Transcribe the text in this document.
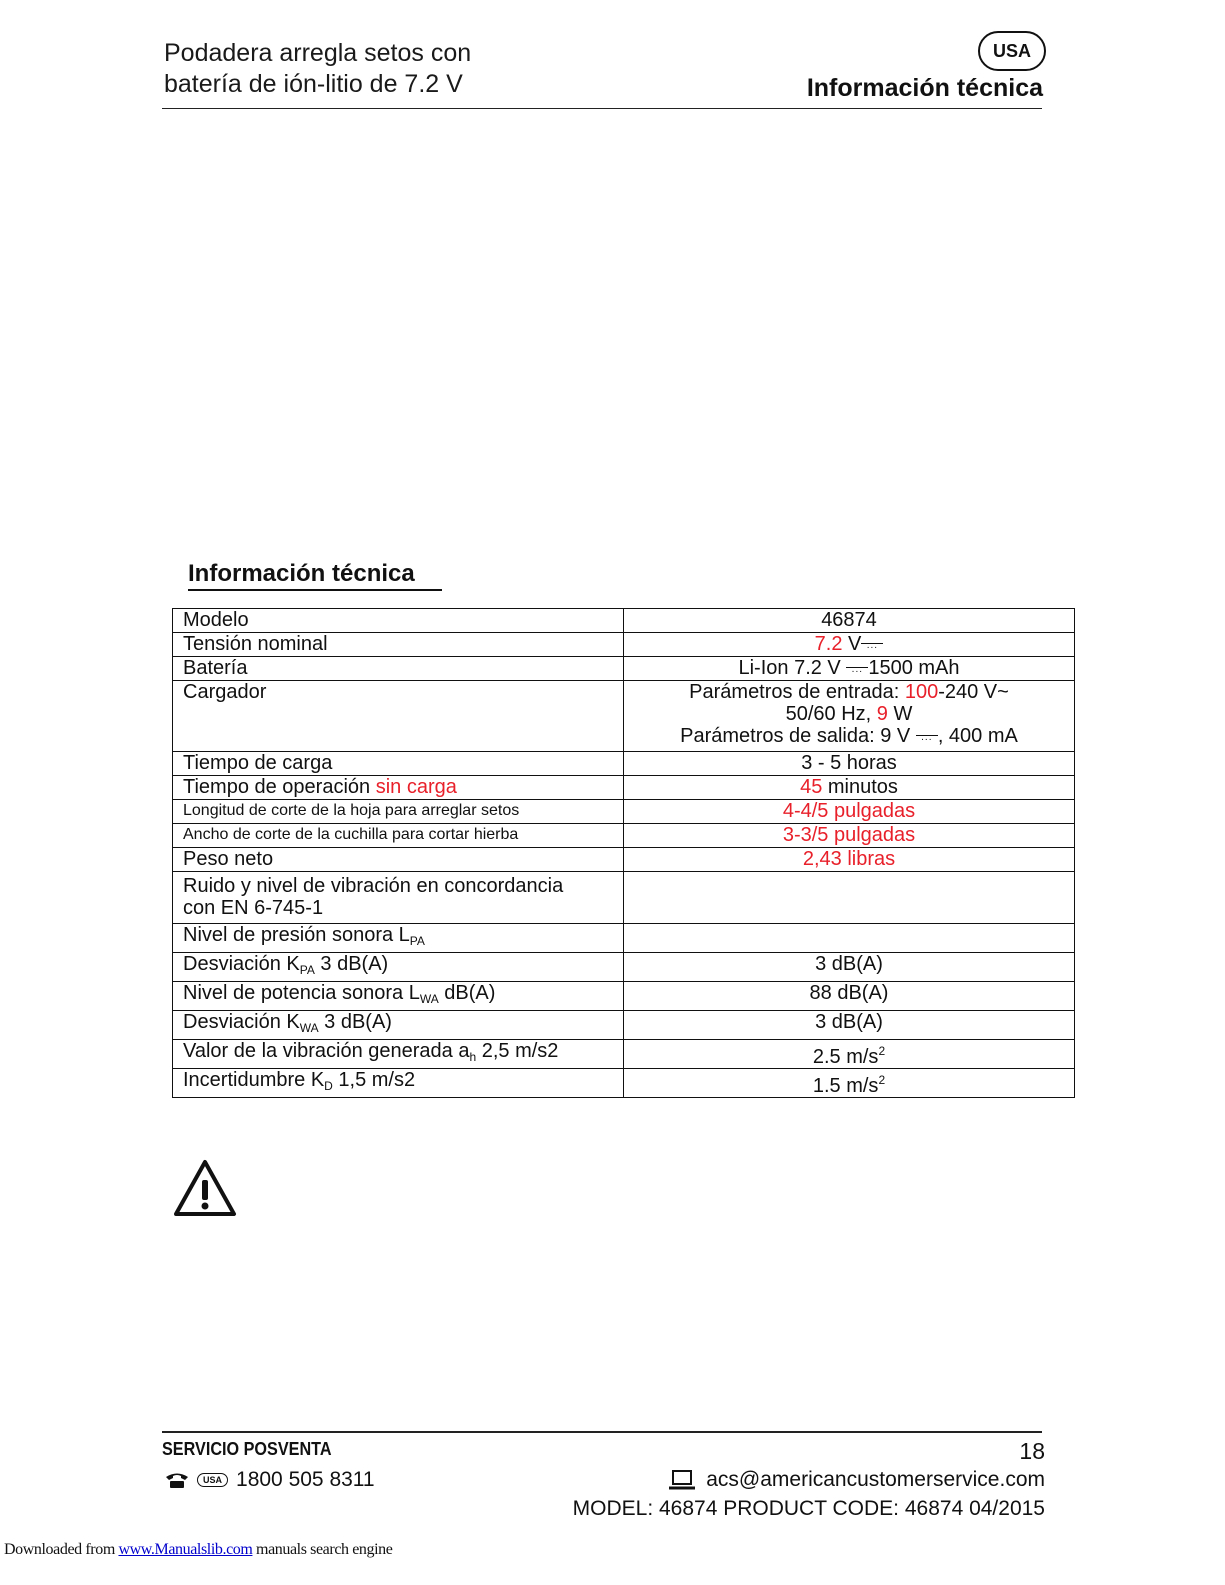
Podadera arregla setos con
batería de ión-litio de 7.2 V
USA
Información técnica
Información técnica
Modelo	46874
Tensión nominal	7.2 V ...
Batería	Li-Ion 7.2 V ... 1500 mAh
Cargador	Parámetros de entrada: 100-240 V~
50/60 Hz, 9 W
Parámetros de salida: 9 V ... , 400 mA

Tiempo de carga	3 - 5 horas
Tiempo de operación sin carga	45 minutos
Longitud de corte de la hoja para arreglar setos	4-4/5 pulgadas
Ancho de corte de la cuchilla para cortar hierba	3-3/5 pulgadas
Peso neto	2,43 libras

Ruido y nivel de vibración en concordancia
con EN 6-745-1	

Nivel de presión sonora $L_{PA}$	
Desviación $K_{PA}$ 3 dB(A)	3 dB(A)
Nivel de potencia sonora $L_{WA}$ dB(A)	88 dB(A)
Desviación $K_{WA}$ 3 dB(A)	3 dB(A)
Valor de la vibración generada $a_h$ 2,5 m/s2	2.5 $m/s^2$
Incertidumbre $K_D$ 1,5 m/s2	1.5 $m/s^2$
SERVICIO POSVENTA	18
USA 1800 505 8311	acs@americancustomerservice.com
MODEL: 46874 PRODUCT CODE: 46874 04/2015
Downloaded from www.Manualslib.com manuals search engine
